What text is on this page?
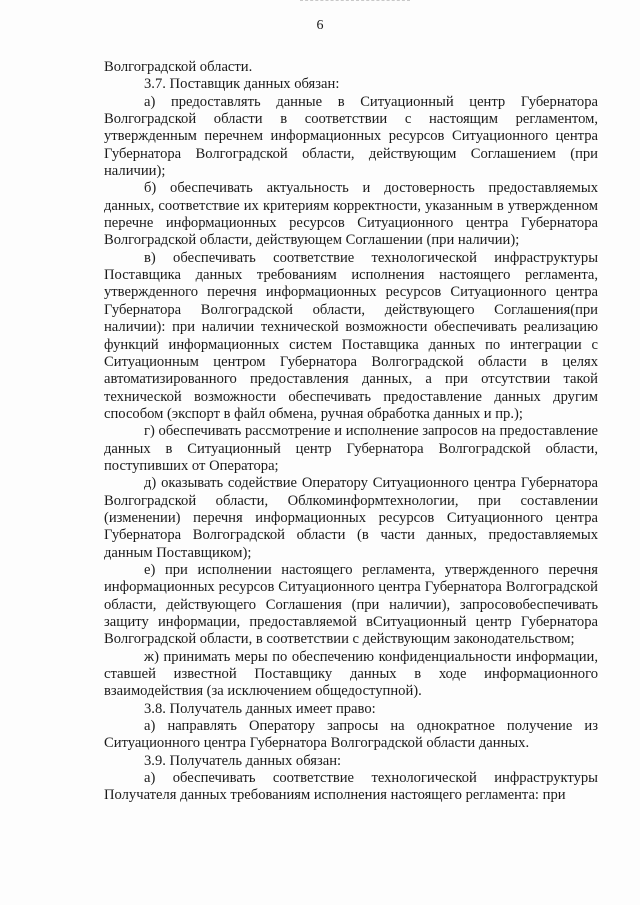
6

Волгоградской области.

3.7. Поставщик данных обязан:

а) предоставлять данные в Ситуационный центр Губернатора Волгоградской области в соответствии с настоящим регламентом, утвержденным перечнем информационных ресурсов Ситуационного центра Губернатора Волгоградской области, действующим Соглашением (при наличии);

б) обеспечивать актуальность и достоверность предоставляемых данных, соответствие их критериям корректности, указанным в утвержденном перечне информационных ресурсов Ситуационного центра Губернатора Волгоградской области, действующем Соглашении (при наличии);

в) обеспечивать соответствие технологической инфраструктуры Поставщика данных требованиям исполнения настоящего регламента, утвержденного перечня информационных ресурсов Ситуационного центра Губернатора Волгоградской области, действующего Соглашения(при наличии): при наличии технической возможности обеспечивать реализацию функций информационных систем Поставщика данных по интеграции с Ситуационным центром Губернатора Волгоградской области в целях автоматизированного предоставления данных, а при отсутствии такой технической возможности обеспечивать предоставление данных другим способом (экспорт в файл обмена, ручная обработка данных и пр.);

г) обеспечивать рассмотрение и исполнение запросов на предоставление данных в Ситуационный центр Губернатора Волгоградской области, поступивших от Оператора;

д) оказывать содействие Оператору Ситуационного центра Губернатора Волгоградской области, Облкоминформтехнологии, при составлении (изменении) перечня информационных ресурсов Ситуационного центра Губернатора Волгоградской области (в части данных, предоставляемых данным Поставщиком);

е) при исполнении настоящего регламента, утвержденного перечня информационных ресурсов Ситуационного центра Губернатора Волгоградской области, действующего Соглашения (при наличии), запросовобеспечивать защиту информации, предоставляемой вСитуационный центр Губернатора Волгоградской области, в соответствии с действующим законодательством;

ж) принимать меры по обеспечению конфиденциальности информации, ставшей известной Поставщику данных в ходе информационного взаимодействия (за исключением общедоступной).

3.8. Получатель данных имеет право:

а) направлять Оператору запросы на однократное получение из Ситуационного центра Губернатора Волгоградской области данных.

3.9. Получатель данных обязан:

а) обеспечивать соответствие технологической инфраструктуры Получателя данных требованиям исполнения настоящего регламента: при
